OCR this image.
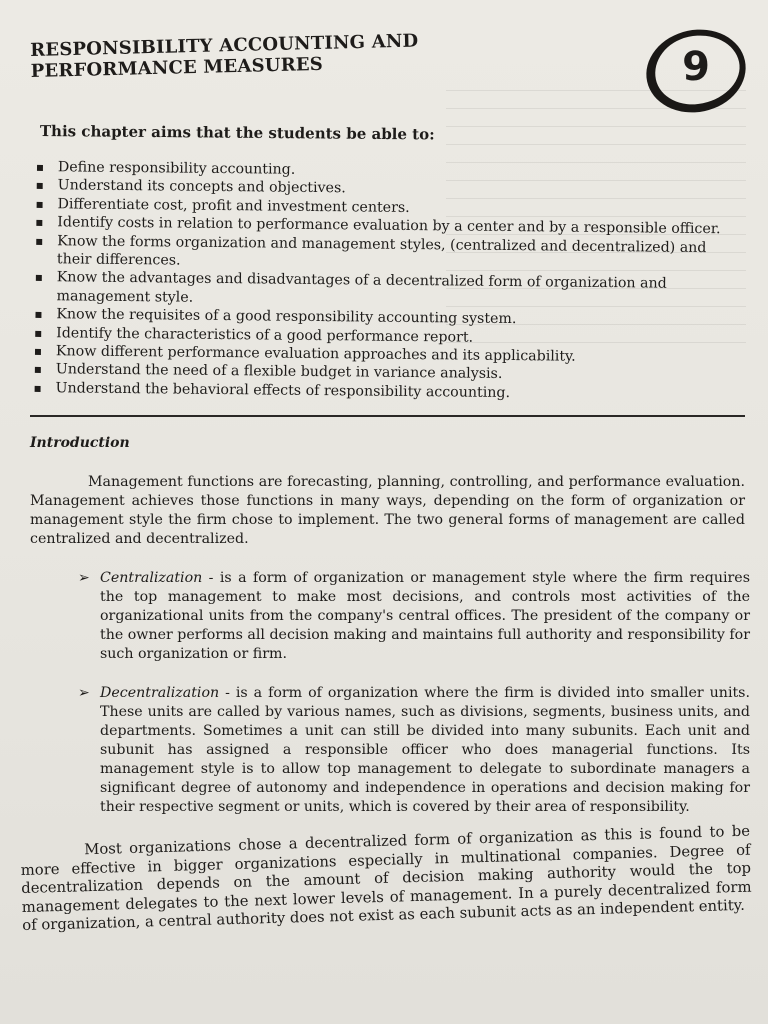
RESPONSIBILITY ACCOUNTING AND
PERFORMANCE MEASURES	9

This chapter aims that the students be able to:

▪ Define responsibility accounting.
▪ Understand its concepts and objectives.
▪ Differentiate cost, profit and investment centers.
▪ Identify costs in relation to performance evaluation by a center and by a responsible officer.
▪ Know the forms organization and management styles, (centralized and decentralized) and their differences.
▪ Know the advantages and disadvantages of a decentralized form of organization and management style.
▪ Know the requisites of a good responsibility accounting system.
▪ Identify the characteristics of a good performance report.
▪ Know different performance evaluation approaches and its applicability.
▪ Understand the need of a flexible budget in variance analysis.
▪ Understand the behavioral effects of responsibility accounting.
Introduction

Management functions are forecasting, planning, controlling, and performance evaluation. Management achieves those functions in many ways, depending on the form of organization or management style the firm chose to implement. The two general forms of management are called centralized and decentralized.

➢ Centralization - is a form of organization or management style where the firm requires the top management to make most decisions, and controls most activities of the organizational units from the company's central offices. The president of the company or the owner performs all decision making and maintains full authority and responsibility for such organization or firm.
➢ Decentralization - is a form of organization where the firm is divided into smaller units. These units are called by various names, such as divisions, segments, business units, and departments. Sometimes a unit can still be divided into many subunits. Each unit and subunit has assigned a responsible officer who does managerial functions. Its management style is to allow top management to delegate to subordinate managers a significant degree of autonomy and independence in operations and decision making for their respective segment or units, which is covered by their area of responsibility.

Most organizations chose a decentralized form of organization as this is found to be more effective in bigger organizations especially in multinational companies. Degree of decentralization depends on the amount of decision making authority would the top management delegates to the next lower levels of management. In a purely decentralized form of organization, a central authority does not exist as each subunit acts as an independent entity.
